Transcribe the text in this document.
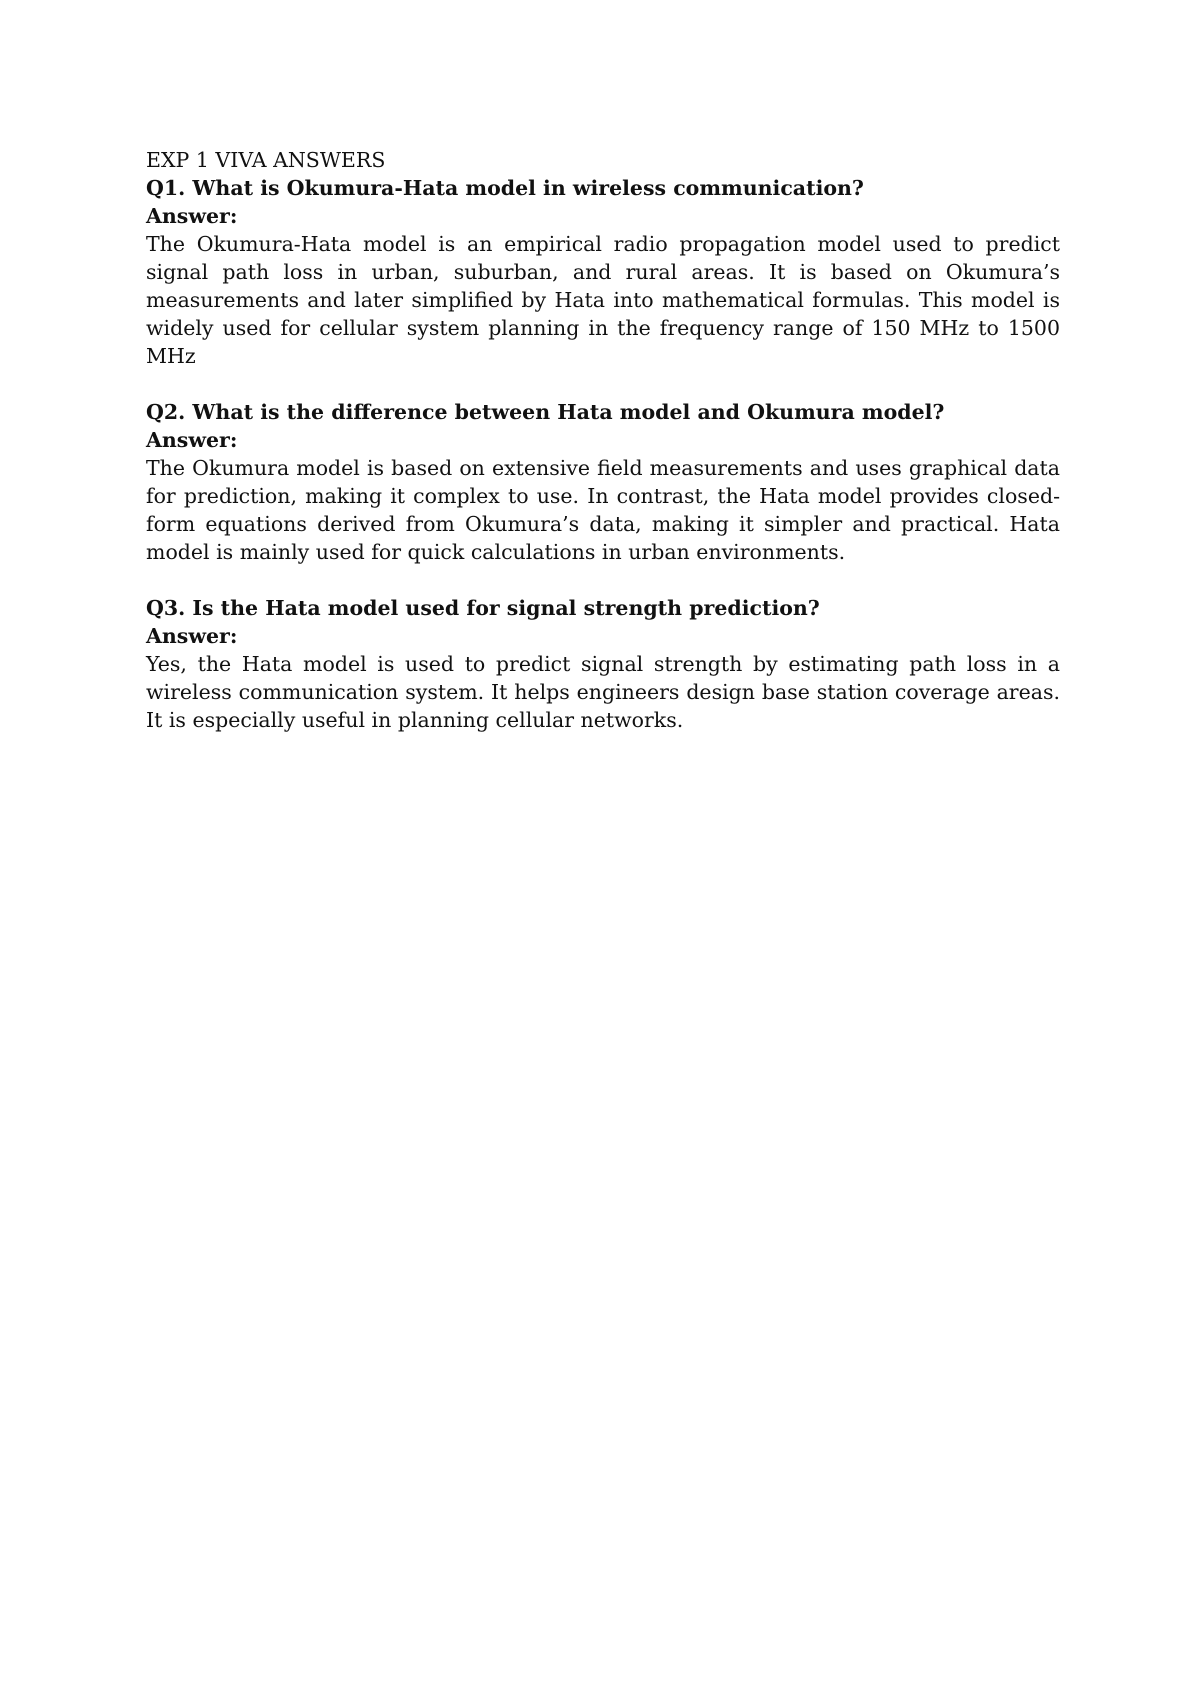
EXP 1 VIVA ANSWERS

Q1. What is Okumura-Hata model in wireless communication?

Answer:

The Okumura-Hata model is an empirical radio propagation model used to predict signal path loss in urban, suburban, and rural areas. It is based on Okumura’s measurements and later simplified by Hata into mathematical formulas. This model is widely used for cellular system planning in the frequency range of 150 MHz to 1500 MHz

Q2. What is the difference between Hata model and Okumura model?

Answer:

The Okumura model is based on extensive field measurements and uses graphical data for prediction, making it complex to use. In contrast, the Hata model provides closed-form equations derived from Okumura’s data, making it simpler and practical. Hata model is mainly used for quick calculations in urban environments.

Q3. Is the Hata model used for signal strength prediction?

Answer:

Yes, the Hata model is used to predict signal strength by estimating path loss in a wireless communication system. It helps engineers design base station coverage areas. It is especially useful in planning cellular networks.
